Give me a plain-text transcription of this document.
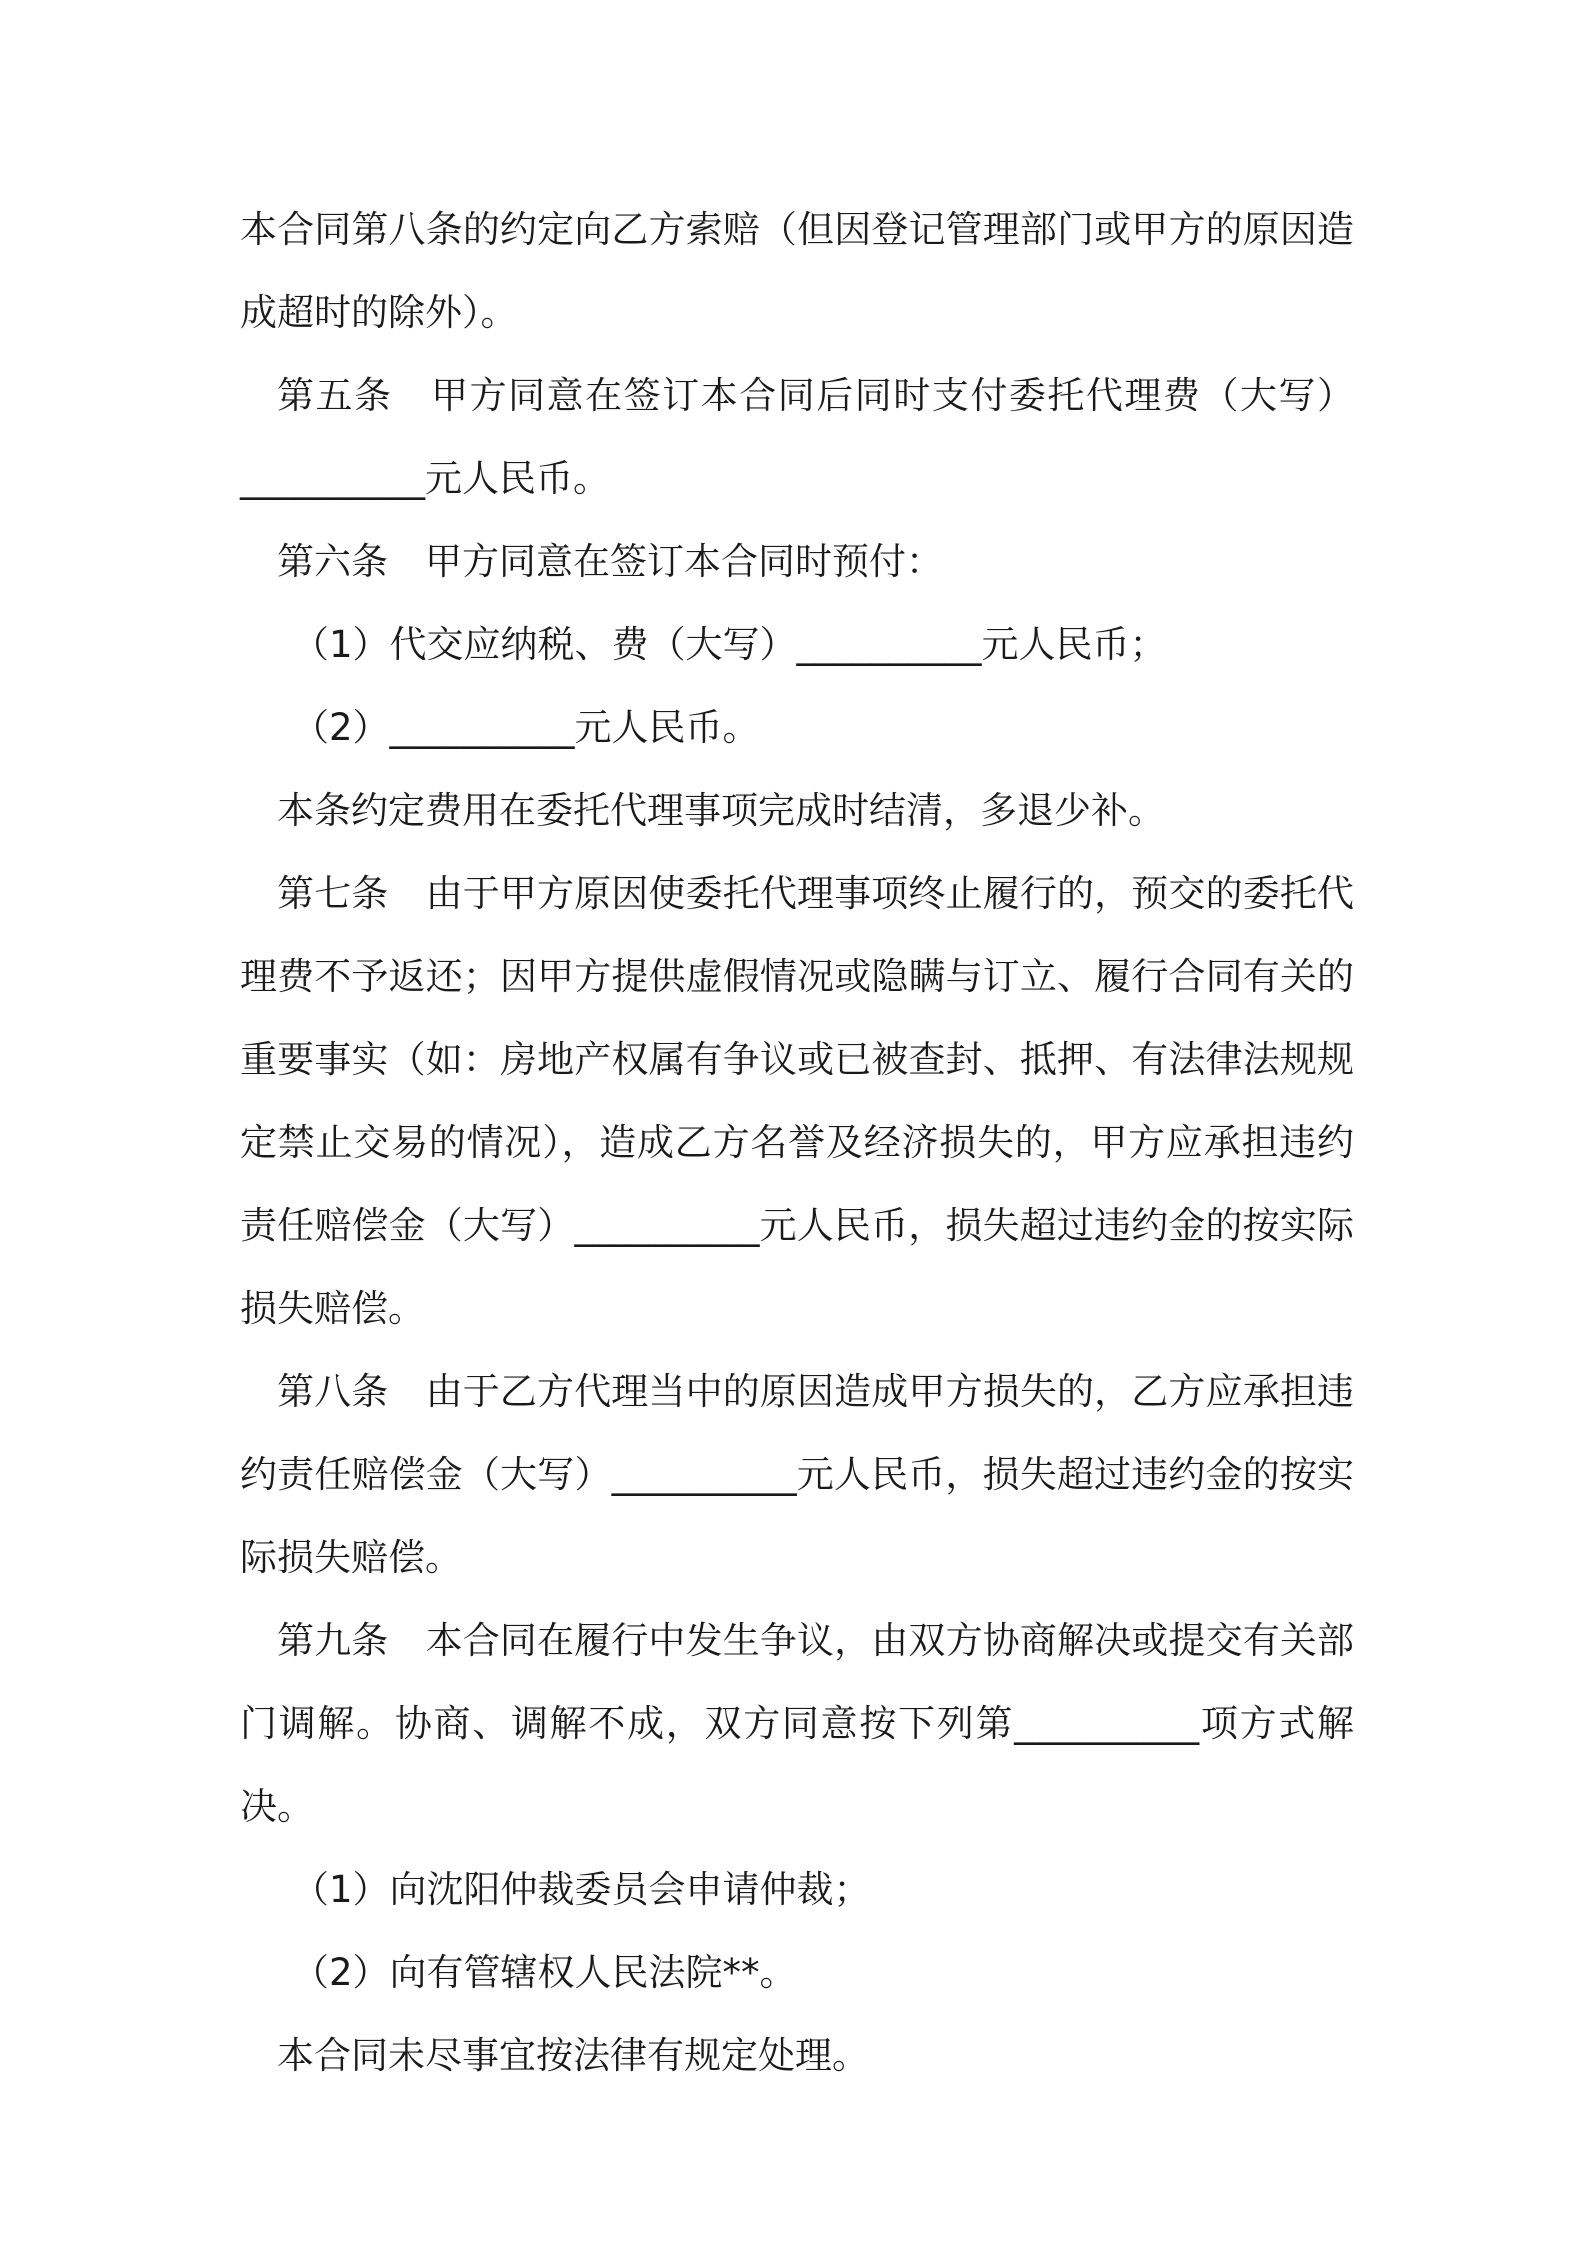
本合同第八条的约定向乙方索赔（但因登记管理部门或甲方的原因造成超时的除外）。

第五条 甲方同意在签订本合同后同时支付委托代理费（大写）__________元人民币。

第六条 甲方同意在签订本合同时预付：

（1）代交应纳税、费（大写）__________元人民币；

（2）__________元人民币。

本条约定费用在委托代理事项完成时结清，多退少补。

第七条 由于甲方原因使委托代理事项终止履行的，预交的委托代理费不予返还；因甲方提供虚假情况或隐瞒与订立、履行合同有关的重要事实（如：房地产权属有争议或已被查封、抵押、有法律法规规定禁止交易的情况），造成乙方名誉及经济损失的，甲方应承担违约责任赔偿金（大写）__________元人民币，损失超过违约金的按实际损失赔偿。

第八条 由于乙方代理当中的原因造成甲方损失的，乙方应承担违约责任赔偿金（大写）__________元人民币，损失超过违约金的按实际损失赔偿。

第九条 本合同在履行中发生争议，由双方协商解决或提交有关部门调解。协商、调解不成，双方同意按下列第__________项方式解决。

（1）向沈阳仲裁委员会申请仲裁；

（2）向有管辖权人民法院**。

本合同未尽事宜按法律有规定处理。
